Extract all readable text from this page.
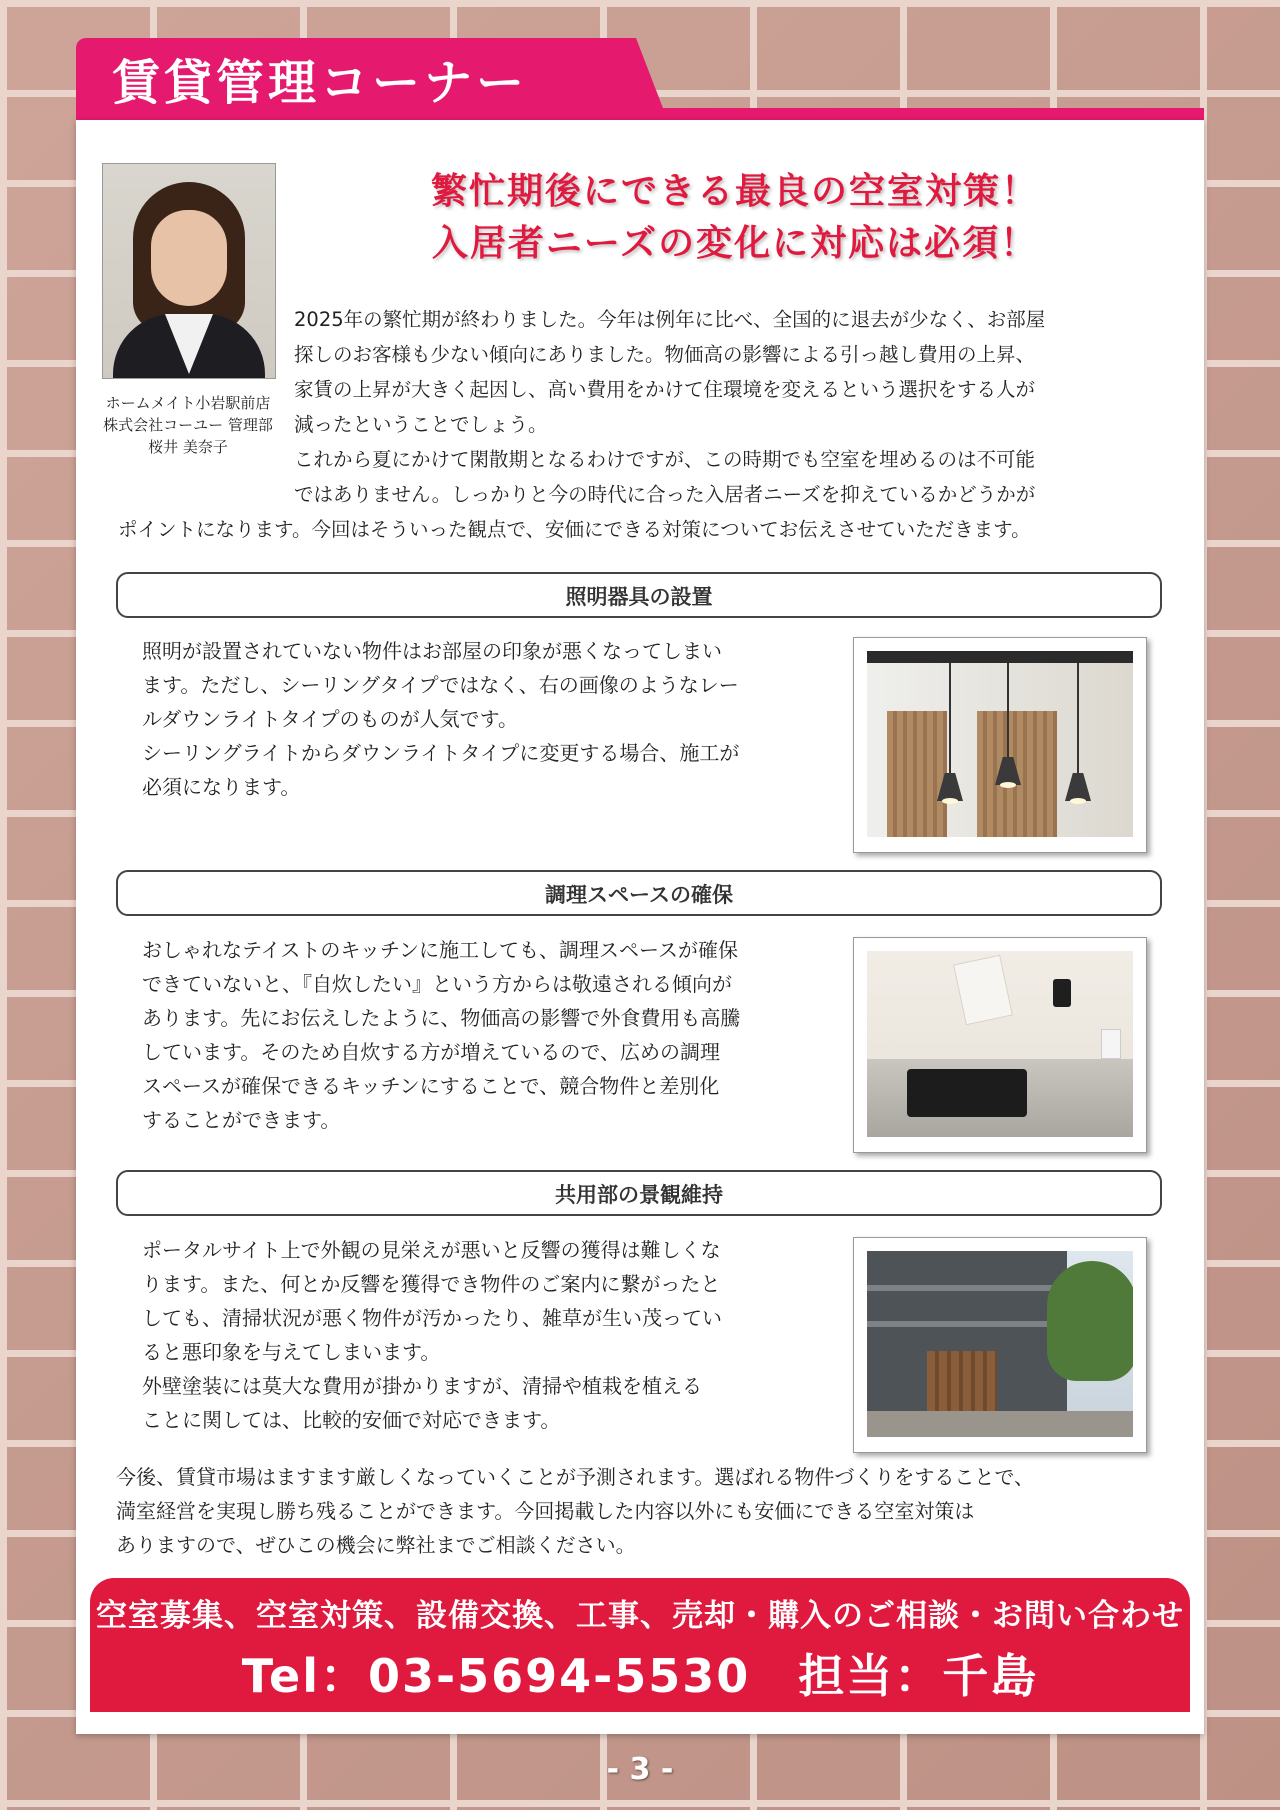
賃貸管理コーナー
ホームメイト小岩駅前店
株式会社コーユー 管理部
桜井 美奈子
繁忙期後にできる最良の空室対策！
入居者ニーズの変化に対応は必須！
2025年の繁忙期が終わりました。今年は例年に比べ、全国的に退去が少なく、お部屋
探しのお客様も少ない傾向にありました。物価高の影響による引っ越し費用の上昇、
家賃の上昇が大きく起因し、高い費用をかけて住環境を変えるという選択をする人が
減ったということでしょう。
これから夏にかけて閑散期となるわけですが、この時期でも空室を埋めるのは不可能
ではありません。しっかりと今の時代に合った入居者ニーズを抑えているかどうかが
ポイントになります。今回はそういった観点で、安価にできる対策についてお伝えさせていただきます。
照明器具の設置
照明が設置されていない物件はお部屋の印象が悪くなってしまい
ます。ただし、シーリングタイプではなく、右の画像のようなレー
ルダウンライトタイプのものが人気です。
シーリングライトからダウンライトタイプに変更する場合、施工が
必須になります。
調理スペースの確保
おしゃれなテイストのキッチンに施工しても、調理スペースが確保
できていないと、『自炊したい』という方からは敬遠される傾向が
あります。先にお伝えしたように、物価高の影響で外食費用も高騰
しています。そのため自炊する方が増えているので、広めの調理
スペースが確保できるキッチンにすることで、競合物件と差別化
することができます。
共用部の景観維持
ポータルサイト上で外観の見栄えが悪いと反響の獲得は難しくな
ります。また、何とか反響を獲得でき物件のご案内に繋がったと
しても、清掃状況が悪く物件が汚かったり、雑草が生い茂ってい
ると悪印象を与えてしまいます。
外壁塗装には莫大な費用が掛かりますが、清掃や植栽を植える
ことに関しては、比較的安価で対応できます。
今後、賃貸市場はますます厳しくなっていくことが予測されます。選ばれる物件づくりをすることで、
満室経営を実現し勝ち残ることができます。今回掲載した内容以外にも安価にできる空室対策は
ありますので、ぜひこの機会に弊社までご相談ください。
空室募集、空室対策、設備交換、工事、売却・購入のご相談・お問い合わせ
Tel：03-5694-5530　担当：千島
- 3 -
